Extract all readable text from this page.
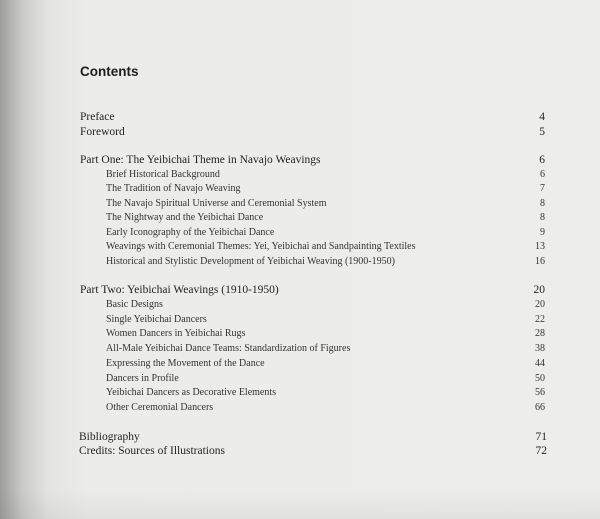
Contents
Preface	4
Foreword	5
Part One: The Yeibichai Theme in Navajo Weavings	6
Brief Historical Background	6
The Tradition of Navajo Weaving	7
The Navajo Spiritual Universe and Ceremonial System	8
The Nightway and the Yeibichai Dance	8
Early Iconography of the Yeibichai Dance	9
Weavings with Ceremonial Themes: Yei, Yeibichai and Sandpainting Textiles	13
Historical and Stylistic Development of Yeibichai Weaving (1900-1950)	16
Part Two: Yeibichai Weavings (1910-1950)	20
Basic Designs	20
Single Yeibichai Dancers	22
Women Dancers in Yeibichai Rugs	28
All-Male Yeibichai Dance Teams: Standardization of Figures	38
Expressing the Movement of the Dance	44
Dancers in Profile	50
Yeibichai Dancers as Decorative Elements	56
Other Ceremonial Dancers	66
Bibliography	71
Credits: Sources of Illustrations	72
